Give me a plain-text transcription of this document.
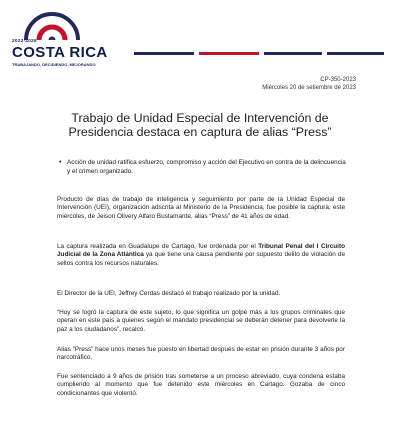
2022-2026
COSTA RICA
TRABAJANDO, DECIDIENDO, MEJORANDO
CP-350-2023
Miércoles 20 de setiembre de 2023
Trabajo de Unidad Especial de Intervención de Presidencia destaca en captura de alias “Press”
• Acción de unidad ratifica esfuerzo, compromiso y acción del Ejecutivo en contra de la delincuencia y el crimen organizado.
Producto de días de trabajo de inteligencia y seguimiento por parte de la Unidad Especial de Intervención (UEI), organización adscrita al Ministerio de la Presidencia, fue posible la captura, este miércoles, de Jeison Olivery Alfaro Bustamante, alias “Press” de 41 años de edad.
La captura realizada en Guadalupe de Cartago, fue ordenada por el Tribunal Penal del I Circuito Judicial de la Zona Atlántica ya que tiene una causa pendiente por supuesto delito de violación de sellos contra los recursos naturales.
El Director de la UEI, Jeffrey Cerdas destacó el trabajo realizado por la unidad.
“Hoy se logró la captura de este sujeto, lo que significa un golpe más a los grupos criminales que operan en este país a quienes según el mandato presidencial se deberán detener para devolverle la paz a los ciudadanos”, recalcó.
Alias “Press” hace unos meses fue puesto en libertad después de estar en prisión durante 3 años por narcotráfico.
Fue sentenciado a 9 años de prisión tras someterse a un proceso abreviado, cuya condena estaba cumpliendo al momento que fue detenido este miércoles en Cartago. Gozaba de cinco condicionantes que violentó.
